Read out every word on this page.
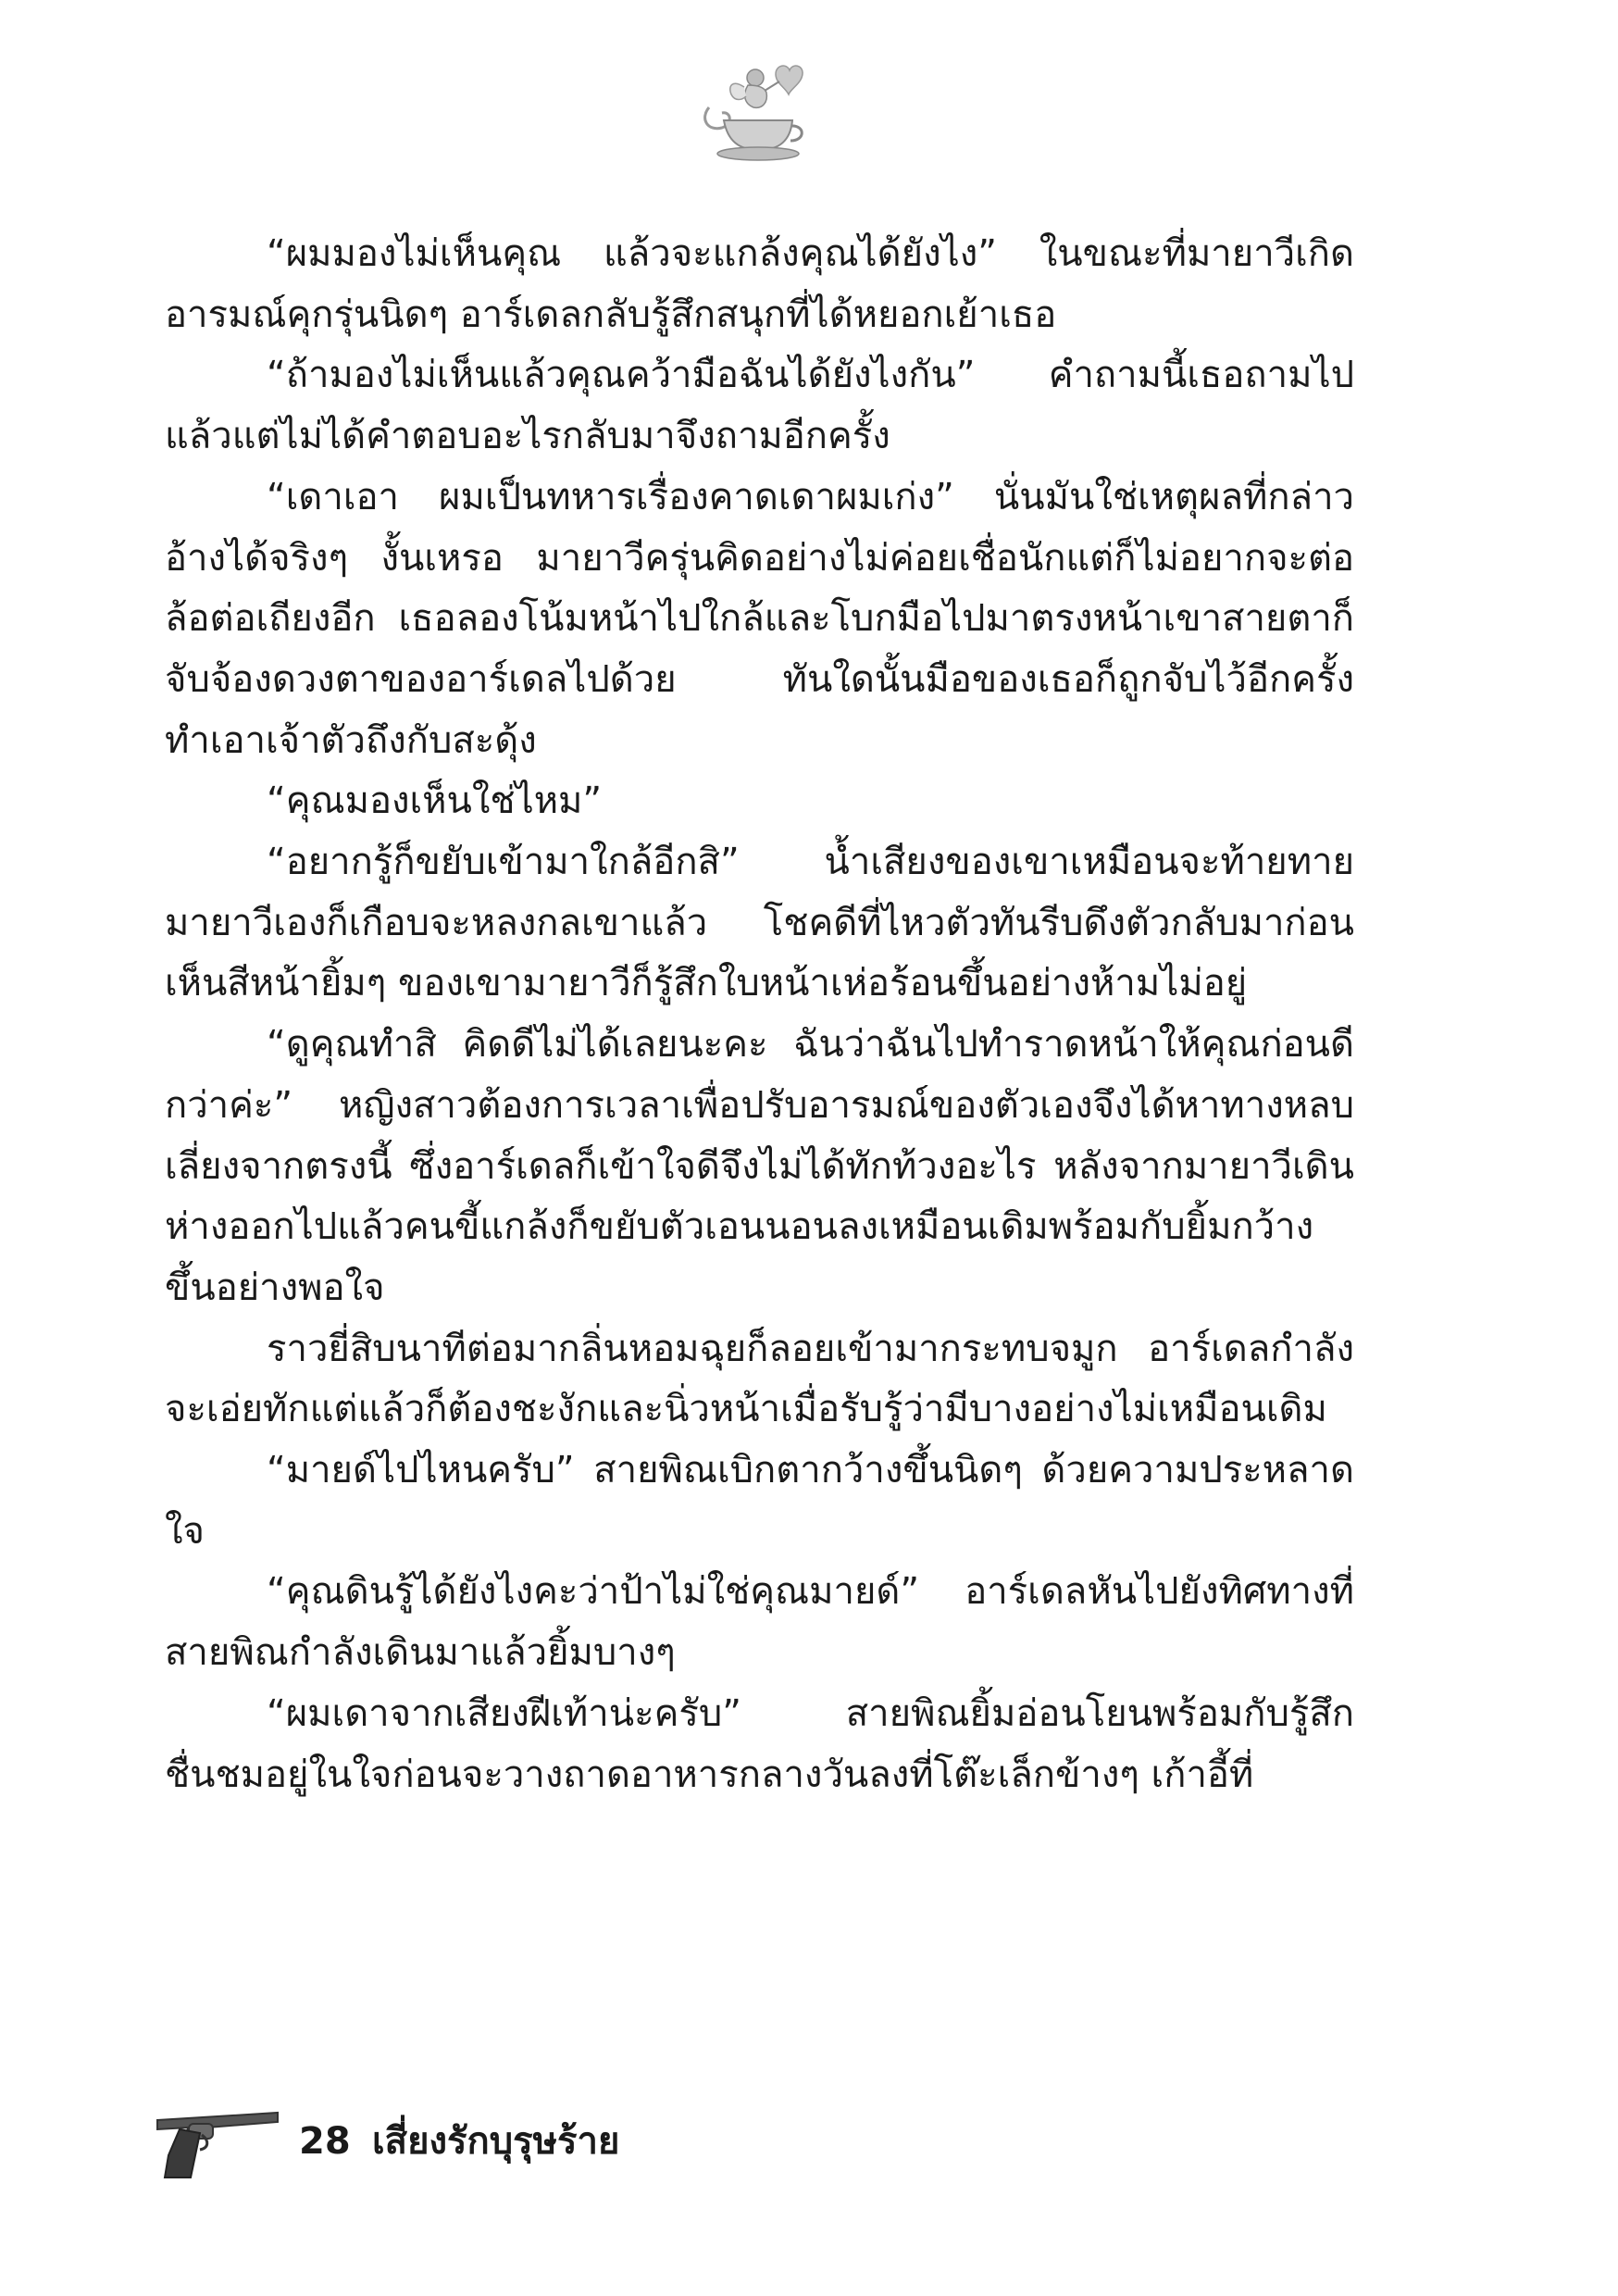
“ผมมองไม่เห็นคุณ แล้วจะแกล้งคุณได้ยังไง” ในขณะที่มายาวีเกิดอารมณ์คุกรุ่นนิดๆ อาร์เดลกลับรู้สึกสนุกที่ได้หยอกเย้าเธอ

“ถ้ามองไม่เห็นแล้วคุณคว้ามือฉันได้ยังไงกัน” คำถามนี้เธอถามไปแล้วแต่ไม่ได้คำตอบอะไรกลับมาจึงถามอีกครั้ง

“เดาเอา ผมเป็นทหารเรื่องคาดเดาผมเก่ง” นั่นมันใช่เหตุผลที่กล่าวอ้างได้จริงๆ งั้นเหรอ มายาวีครุ่นคิดอย่างไม่ค่อยเชื่อนักแต่ก็ไม่อยากจะต่อล้อต่อเถียงอีก เธอลองโน้มหน้าไปใกล้และโบกมือไปมาตรงหน้าเขาสายตาก็จับจ้องดวงตาของอาร์เดลไปด้วย ทันใดนั้นมือของเธอก็ถูกจับไว้อีกครั้งทำเอาเจ้าตัวถึงกับสะดุ้ง

“คุณมองเห็นใช่ไหม”

“อยากรู้ก็ขยับเข้ามาใกล้อีกสิ” น้ำเสียงของเขาเหมือนจะท้ายทายมายาวีเองก็เกือบจะหลงกลเขาแล้ว โชคดีที่ไหวตัวทันรีบดึงตัวกลับมาก่อนเห็นสีหน้ายิ้มๆ ของเขามายาวีก็รู้สึกใบหน้าเห่อร้อนขึ้นอย่างห้ามไม่อยู่

“ดูคุณทำสิ คิดดีไม่ได้เลยนะคะ ฉันว่าฉันไปทำราดหน้าให้คุณก่อนดีกว่าค่ะ” หญิงสาวต้องการเวลาเพื่อปรับอารมณ์ของตัวเองจึงได้หาทางหลบเลี่ยงจากตรงนี้ ซึ่งอาร์เดลก็เข้าใจดีจึงไม่ได้ทักท้วงอะไร หลังจากมายาวีเดินห่างออกไปแล้วคนขี้แกล้งก็ขยับตัวเอนนอนลงเหมือนเดิมพร้อมกับยิ้มกว้างขึ้นอย่างพอใจ

ราวยี่สิบนาทีต่อมากลิ่นหอมฉุยก็ลอยเข้ามากระทบจมูก อาร์เดลกำลังจะเอ่ยทักแต่แล้วก็ต้องชะงักและนิ่วหน้าเมื่อรับรู้ว่ามีบางอย่างไม่เหมือนเดิม

“มายด์ไปไหนครับ” สายพิณเบิกตากว้างขึ้นนิดๆ ด้วยความประหลาดใจ

“คุณดินรู้ได้ยังไงคะว่าป้าไม่ใช่คุณมายด์” อาร์เดลหันไปยังทิศทางที่สายพิณกำลังเดินมาแล้วยิ้มบางๆ

“ผมเดาจากเสียงฝีเท้าน่ะครับ” สายพิณยิ้มอ่อนโยนพร้อมกับรู้สึกชื่นชมอยู่ในใจก่อนจะวางถาดอาหารกลางวันลงที่โต๊ะเล็กข้างๆ เก้าอี้ที่

28 เสี่ยงรักบุรุษร้าย
